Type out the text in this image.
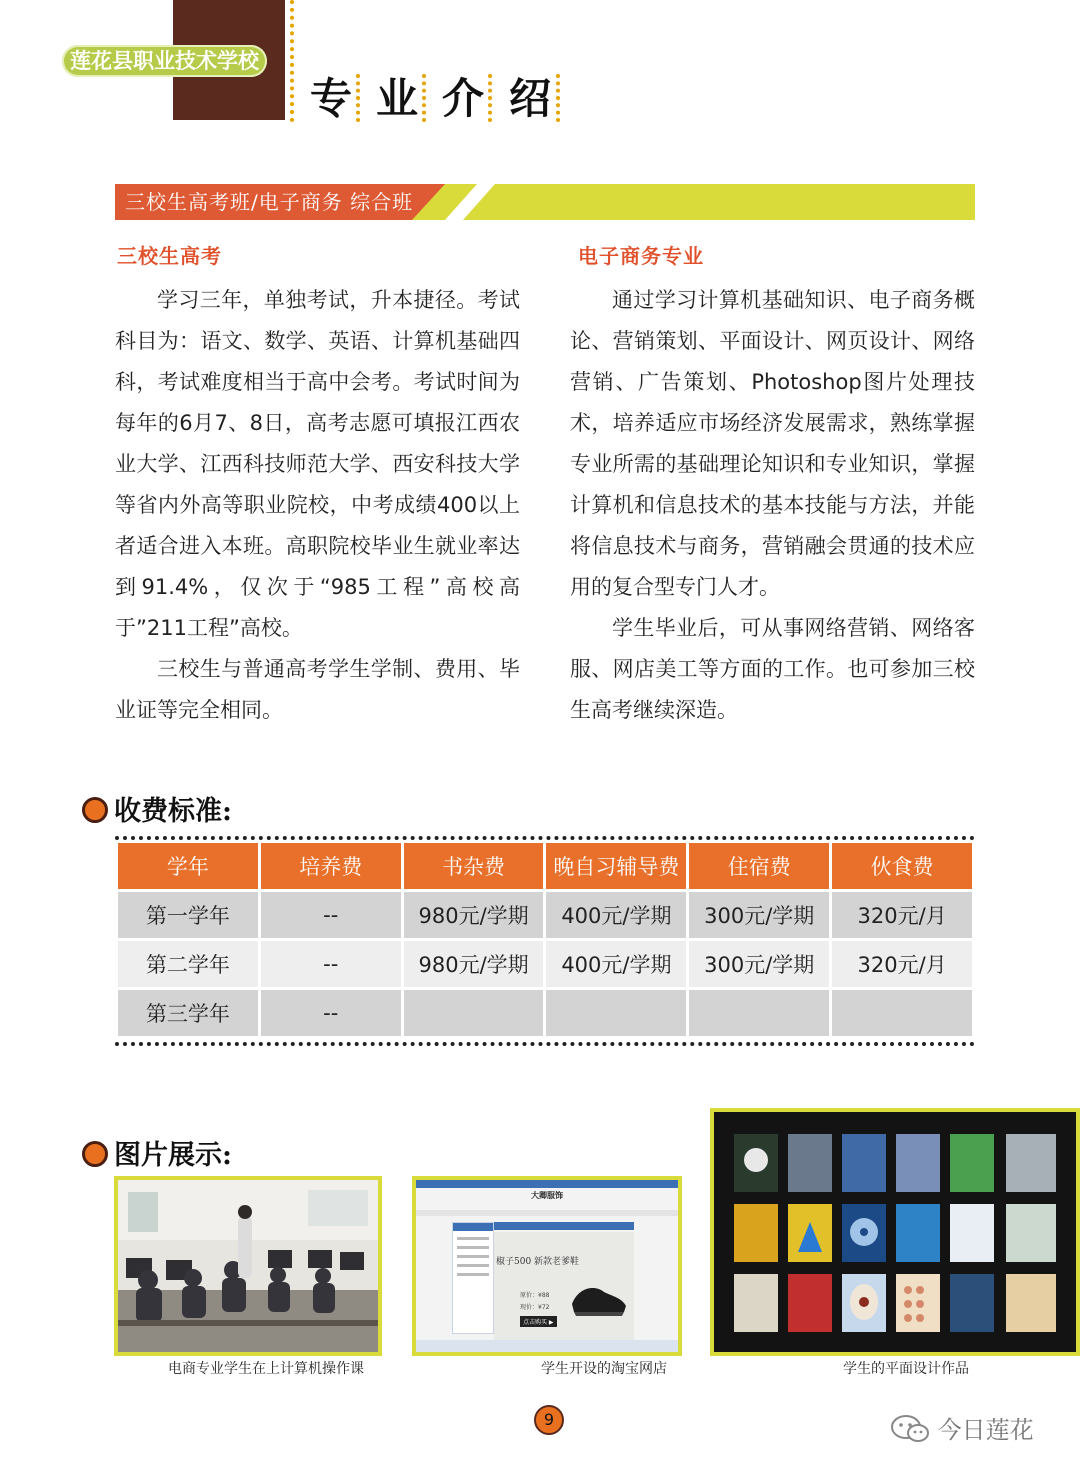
莲花县职业技术学校
专 业 介 绍
三校生高考班/电子商务 综合班
三校生高考

学习三年，单独考试，升本捷径。考试科目为：语文、数学、英语、计算机基础四科，考试难度相当于高中会考。考试时间为每年的6月7、8日，高考志愿可填报江西农业大学、江西科技师范大学、西安科技大学等省内外高等职业院校，中考成绩400以上者适合进入本班。高职院校毕业生就业率达到91.4%，仅次于“985工程”高校高于”211工程”高校。

三校生与普通高考学生学制、费用、毕业证等完全相同。

电子商务专业

通过学习计算机基础知识、电子商务概论、营销策划、平面设计、网页设计、网络营销、广告策划、Photoshop图片处理技术，培养适应市场经济发展需求，熟练掌握专业所需的基础理论知识和专业知识，掌握计算机和信息技术的基本技能与方法，并能将信息技术与商务，营销融会贯通的技术应用的复合型专门人才。

学生毕业后，可从事网络营销、网络客服、网店美工等方面的工作。也可参加三校生高考继续深造。

收费标准:
学年	培养费	书杂费	晚自习辅导费	住宿费	伙食费
第一学年	--	980元/学期	400元/学期	300元/学期	320元/月
第二学年	--	980元/学期	400元/学期	300元/学期	320元/月
第三学年	--				
图片展示:
电商专业学生在上计算机操作课
大卿服饰
椒子500 新款老爹鞋
原价：¥88
现价：¥72
点击购买 ▶
学生开设的淘宝网店	学生的平面设计作品
9	今日莲花
